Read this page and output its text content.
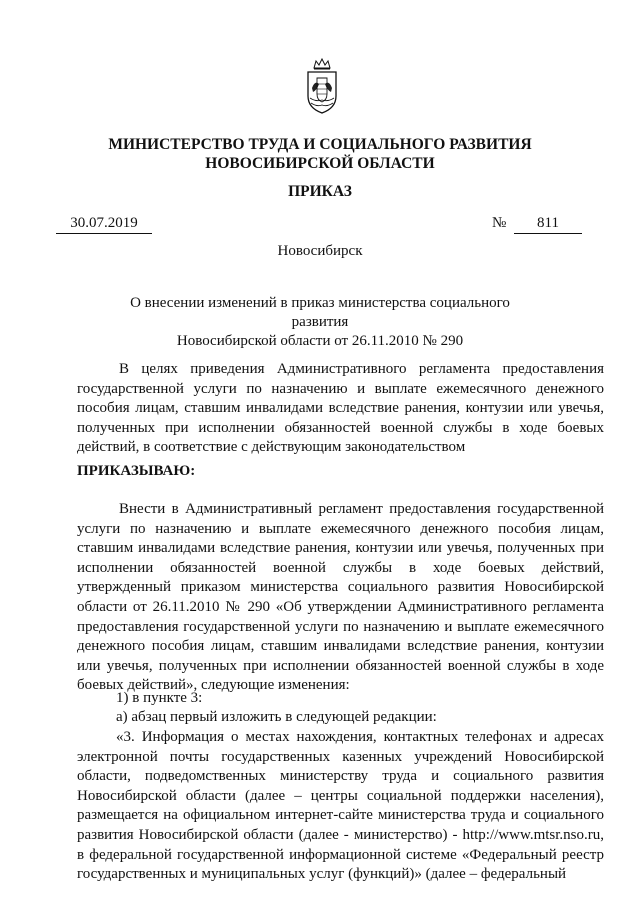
МИНИСТЕРСТВО ТРУДА И СОЦИАЛЬНОГО РАЗВИТИЯ
НОВОСИБИРСКОЙ ОБЛАСТИ
ПРИКАЗ
30.07.2019	№	811
Новосибирск
О внесении изменений в приказ министерства социального развития
Новосибирской области от 26.11.2010 № 290

В целях приведения Административного регламента предоставления государственной услуги по назначению и выплате ежемесячного денежного пособия лицам, ставшим инвалидами вследствие ранения, контузии или увечья, полученных при исполнении обязанностей военной службы в ходе боевых действий, в соответствие с действующим законодательством

ПРИКАЗЫВАЮ:

Внести в Административный регламент предоставления государственной услуги по назначению и выплате ежемесячного денежного пособия лицам, ставшим инвалидами вследствие ранения, контузии или увечья, полученных при исполнении обязанностей военной службы в ходе боевых действий, утвержденный приказом министерства социального развития Новосибирской области от 26.11.2010 № 290 «Об утверждении Административного регламента предоставления государственной услуги по назначению и выплате ежемесячного денежного пособия лицам, ставшим инвалидами вследствие ранения, контузии или увечья, полученных при исполнении обязанностей военной службы в ходе боевых действий», следующие изменения:

1) в пункте 3:
а) абзац первый изложить в следующей редакции:

«3. Информация о местах нахождения, контактных телефонах и адресах электронной почты государственных казенных учреждений Новосибирской области, подведомственных министерству труда и социального развития Новосибирской области (далее – центры социальной поддержки населения), размещается на официальном интернет-сайте министерства труда и социального развития Новосибирской области (далее - министерство) - http://www.mtsr.nso.ru, в федеральной государственной информационной системе «Федеральный реестр государственных и муниципальных услуг (функций)» (далее – федеральный
